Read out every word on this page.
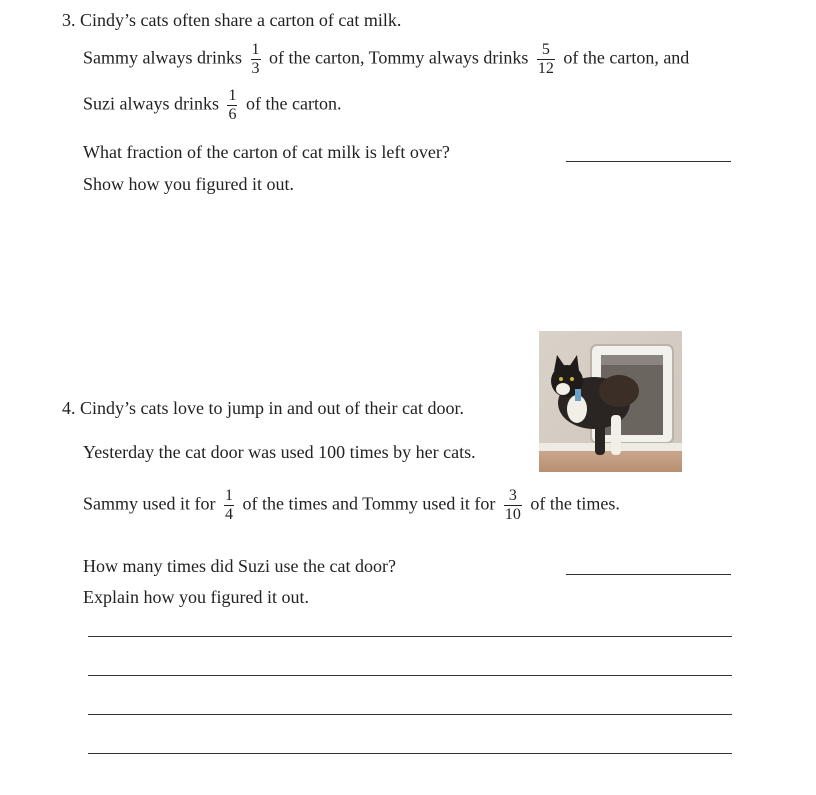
3. Cindy’s cats often share a carton of cat milk.
Sammy always drinks $\frac{1}{3}$ of the carton, Tommy always drinks $\frac{5}{12}$ of the carton, and
Suzi always drinks $\frac{1}{6}$ of the carton.
What fraction of the carton of cat milk is left over?
Show how you figured it out.
4. Cindy’s cats love to jump in and out of their cat door.
Yesterday the cat door was used 100 times by her cats.
Sammy used it for $\frac{1}{4}$ of the times and Tommy used it for $\frac{3}{10}$ of the times.
How many times did Suzi use the cat door?
Explain how you figured it out.
